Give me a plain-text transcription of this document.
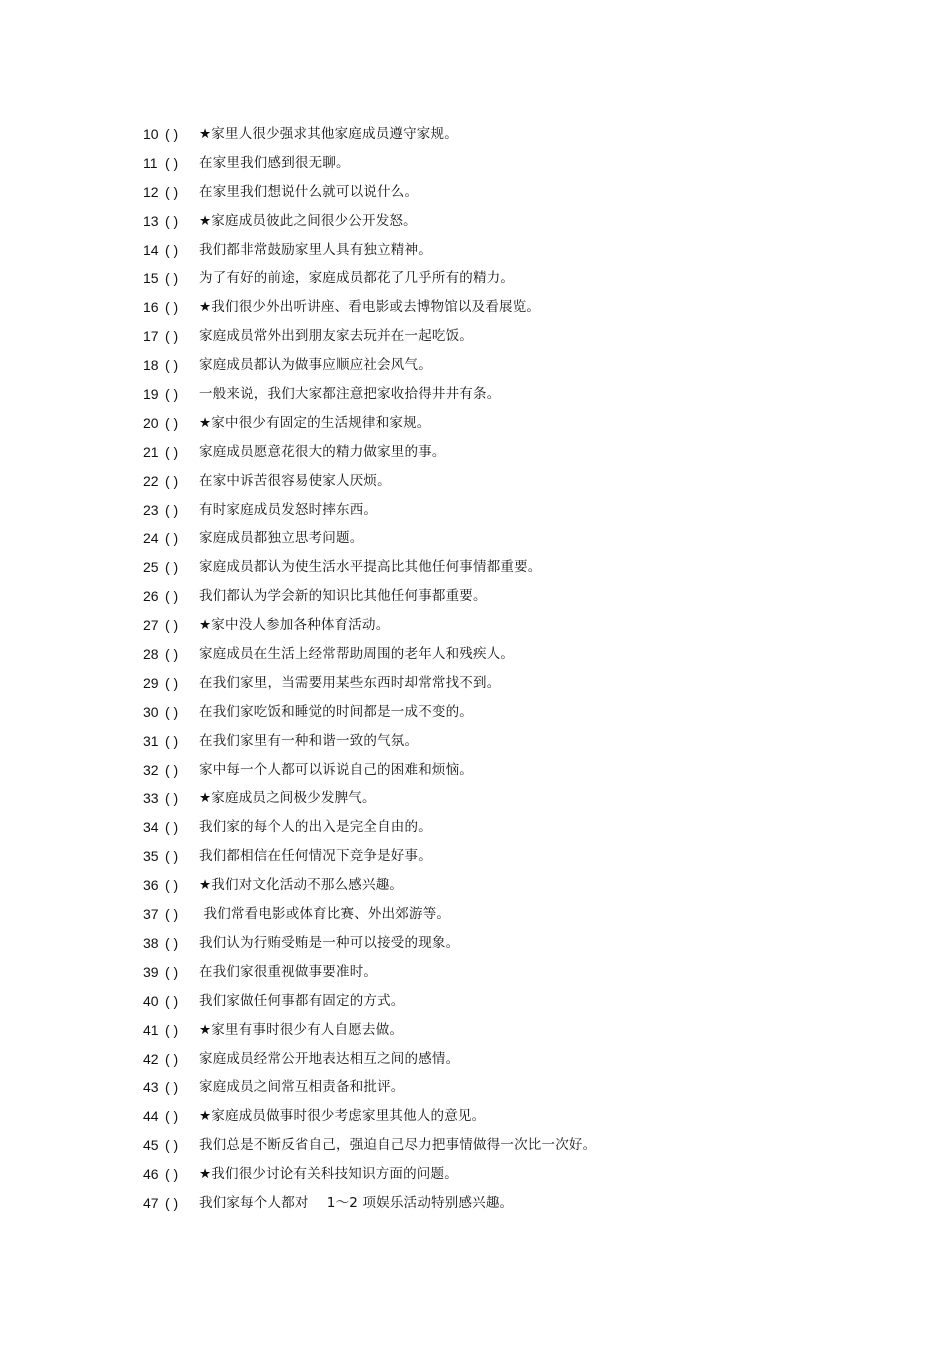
10 ( )	★家里人很少强求其他家庭成员遵守家规。
11 ( )	在家里我们感到很无聊。
12 ( )	在家里我们想说什么就可以说什么。
13 ( )	★家庭成员彼此之间很少公开发怒。
14 ( )	我们都非常鼓励家里人具有独立精神。
15 ( )	为了有好的前途，家庭成员都花了几乎所有的精力。
16 ( )	★我们很少外出听讲座、看电影或去博物馆以及看展览。
17 ( )	家庭成员常外出到朋友家去玩并在一起吃饭。
18 ( )	家庭成员都认为做事应顺应社会风气。
19 ( )	一般来说，我们大家都注意把家收拾得井井有条。
20 ( )	★家中很少有固定的生活规律和家规。
21 ( )	家庭成员愿意花很大的精力做家里的事。
22 ( )	在家中诉苦很容易使家人厌烦。
23 ( )	有时家庭成员发怒时摔东西。
24 ( )	家庭成员都独立思考问题。
25 ( )	家庭成员都认为使生活水平提高比其他任何事情都重要。
26 ( )	我们都认为学会新的知识比其他任何事都重要。
27 ( )	★家中没人参加各种体育活动。
28 ( )	家庭成员在生活上经常帮助周围的老年人和残疾人。
29 ( )	在我们家里，当需要用某些东西时却常常找不到。
30 ( )	在我们家吃饭和睡觉的时间都是一成不变的。
31 ( )	在我们家里有一种和谐一致的气氛。
32 ( )	家中每一个人都可以诉说自己的困难和烦恼。
33 ( )	★家庭成员之间极少发脾气。
34 ( )	我们家的每个人的出入是完全自由的。
35 ( )	我们都相信在任何情况下竞争是好事。
36 ( )	★我们对文化活动不那么感兴趣。
37 ( )	我们常看电影或体育比赛、外出郊游等。
38 ( )	我们认为行贿受贿是一种可以接受的现象。
39 ( )	在我们家很重视做事要准时。
40 ( )	我们家做任何事都有固定的方式。
41 ( )	★家里有事时很少有人自愿去做。
42 ( )	家庭成员经常公开地表达相互之间的感情。
43 ( )	家庭成员之间常互相责备和批评。
44 ( )	★家庭成员做事时很少考虑家里其他人的意见。
45 ( )	我们总是不断反省自己，强迫自己尽力把事情做得一次比一次好。
46 ( )	★我们很少讨论有关科技知识方面的问题。
47 ( )	我们家每个人都对　 1～2 项娱乐活动特别感兴趣。
